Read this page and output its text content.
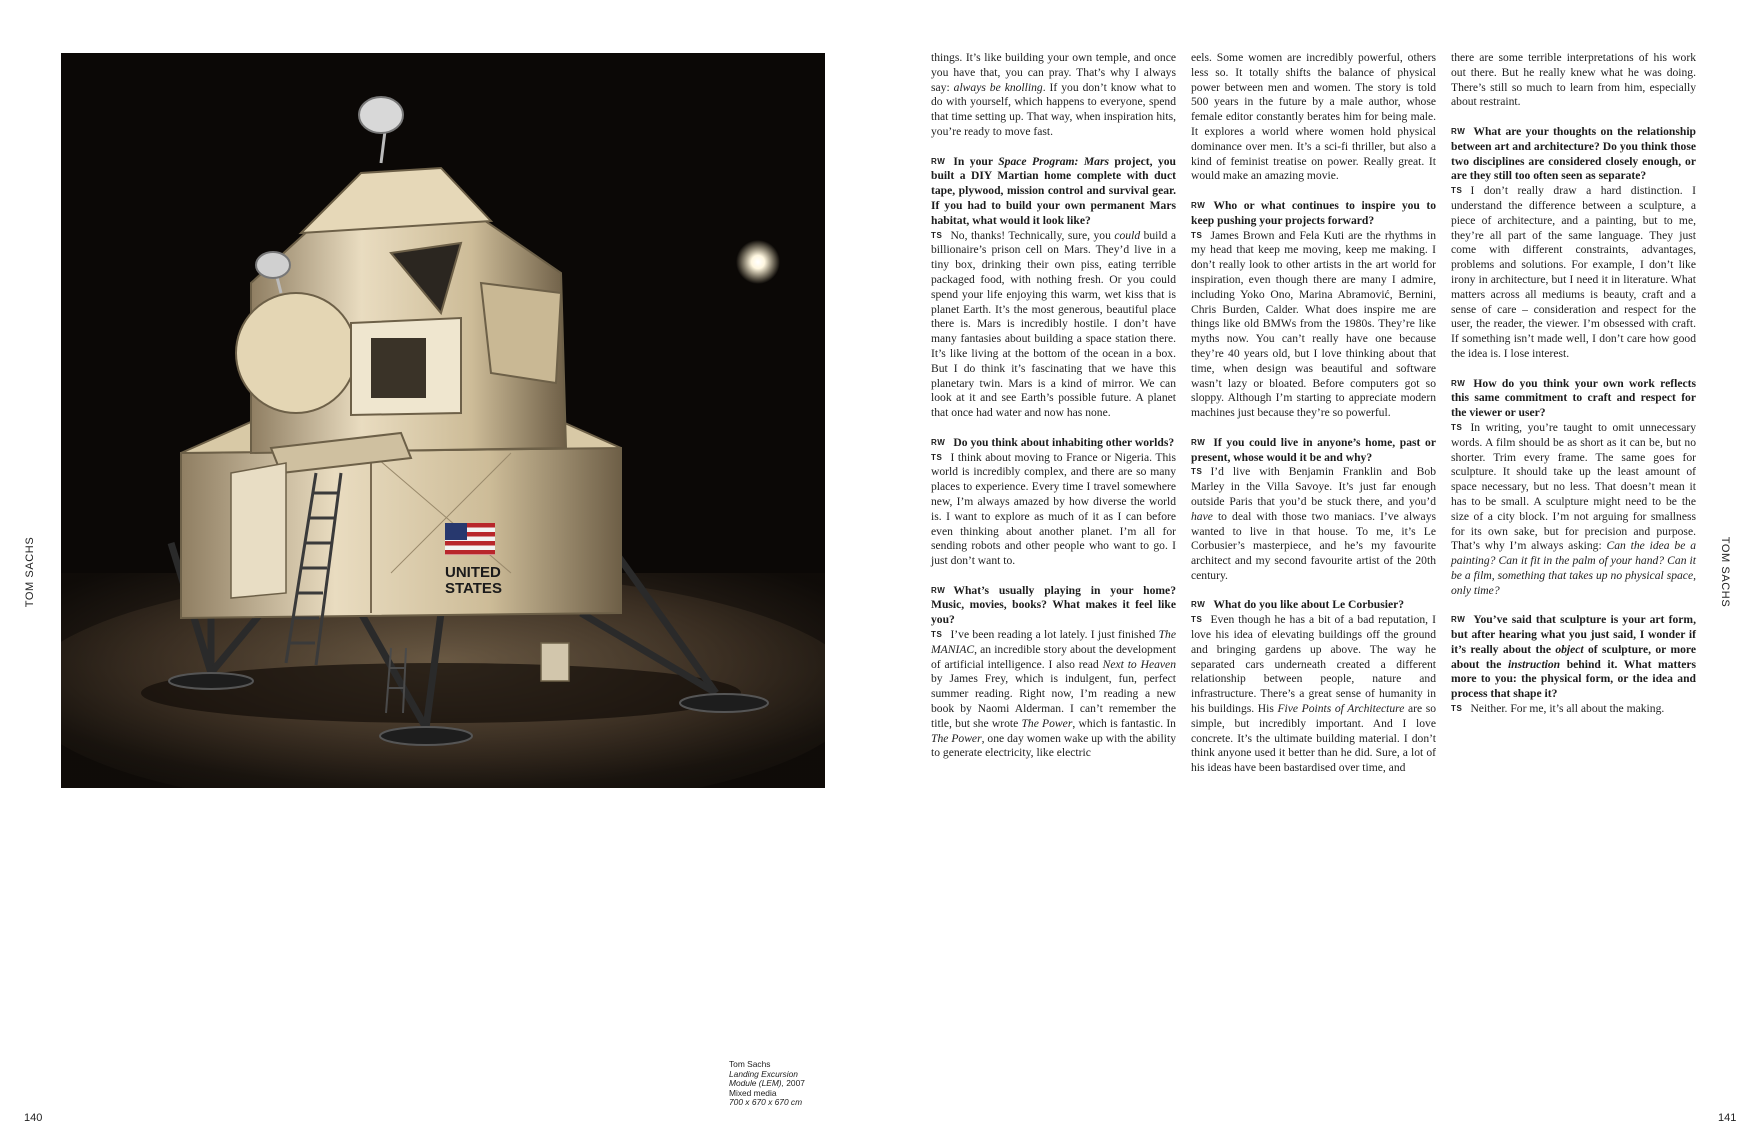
UNITED
STATES
TOM SACHS	TOM SACHS
140	141
Tom Sachs
Landing Excursion
Module (LEM), 2007
Mixed media
700 x 670 x 670 cm

things. It’s like building your own temple, and once you have that, you can pray. That’s why I always say: always be knolling. If you don’t know what to do with yourself, which happens to everyone, spend that time setting up. That way, when inspiration hits, you’re ready to move fast.

RW In your Space Program: Mars project, you built a DIY Martian home complete with duct tape, plywood, mission control and survival gear. If you had to build your own permanent Mars habitat, what would it look like?

TS No, thanks! Technically, sure, you could build a billionaire’s prison cell on Mars. They’d live in a tiny box, drinking their own piss, eating terrible packaged food, with nothing fresh. Or you could spend your life enjoying this warm, wet kiss that is planet Earth. It’s the most generous, beautiful place there is. Mars is incredibly hostile. I don’t have many fantasies about building a space station there. It’s like living at the bottom of the ocean in a box. But I do think it’s fascinating that we have this planetary twin. Mars is a kind of mirror. We can look at it and see Earth’s possible future. A planet that once had water and now has none.

RW Do you think about inhabiting other worlds?

TS I think about moving to France or Nigeria. This world is incredibly complex, and there are so many places to experience. Every time I travel somewhere new, I’m always amazed by how diverse the world is. I want to explore as much of it as I can before even thinking about another planet. I’m all for sending robots and other people who want to go. I just don’t want to.

RW What’s usually playing in your home? Music, movies, books? What makes it feel like you?

TS I’ve been reading a lot lately. I just finished The MANIAC, an incredible story about the development of artificial intelligence. I also read Next to Heaven by James Frey, which is indulgent, fun, perfect summer reading. Right now, I’m reading a new book by Naomi Alderman. I can’t remember the title, but she wrote The Power, which is fantastic. In The Power, one day women wake up with the ability to generate electricity, like electric

eels. Some women are incredibly powerful, others less so. It totally shifts the balance of physical power between men and women. The story is told 500 years in the future by a male author, whose female editor constantly berates him for being male. It explores a world where women hold physical dominance over men. It’s a sci-fi thriller, but also a kind of feminist treatise on power. Really great. It would make an amazing movie.

RW Who or what continues to inspire you to keep pushing your projects forward?

TS James Brown and Fela Kuti are the rhythms in my head that keep me moving, keep me making. I don’t really look to other artists in the art world for inspiration, even though there are many I admire, including Yoko Ono, Marina Abramović, Bernini, Chris Burden, Calder. What does inspire me are things like old BMWs from the 1980s. They’re like myths now. You can’t really have one because they’re 40 years old, but I love thinking about that time, when design was beautiful and software wasn’t lazy or bloated. Before computers got so sloppy. Although I’m starting to appreciate modern machines just because they’re so powerful.

RW If you could live in anyone’s home, past or present, whose would it be and why?

TS I’d live with Benjamin Franklin and Bob Marley in the Villa Savoye. It’s just far enough outside Paris that you’d be stuck there, and you’d have to deal with those two maniacs. I’ve always wanted to live in that house. To me, it’s Le Corbusier’s masterpiece, and he’s my favourite architect and my second favourite artist of the 20th century.

RW What do you like about Le Corbusier?

TS Even though he has a bit of a bad reputation, I love his idea of elevating buildings off the ground and bringing gardens up above. The way he separated cars underneath created a different relationship between people, nature and infrastructure. There’s a great sense of humanity in his buildings. His Five Points of Architecture are so simple, but incredibly important. And I love concrete. It’s the ultimate building material. I don’t think anyone used it better than he did. Sure, a lot of his ideas have been bastardised over time, and

there are some terrible interpretations of his work out there. But he really knew what he was doing. There’s still so much to learn from him, especially about restraint.

RW What are your thoughts on the relationship between art and architecture? Do you think those two disciplines are considered closely enough, or are they still too often seen as separate?

TS I don’t really draw a hard distinction. I understand the difference between a sculpture, a piece of architecture, and a painting, but to me, they’re all part of the same language. They just come with different constraints, advantages, problems and solutions. For example, I don’t like irony in architecture, but I need it in literature. What matters across all mediums is beauty, craft and a sense of care – consideration and respect for the user, the reader, the viewer. I’m obsessed with craft. If something isn’t made well, I don’t care how good the idea is. I lose interest.

RW How do you think your own work reflects this same commitment to craft and respect for the viewer or user?

TS In writing, you’re taught to omit unnecessary words. A film should be as short as it can be, but no shorter. Trim every frame. The same goes for sculpture. It should take up the least amount of space necessary, but no less. That doesn’t mean it has to be small. A sculpture might need to be the size of a city block. I’m not arguing for smallness for its own sake, but for precision and purpose. That’s why I’m always asking: Can the idea be a painting? Can it fit in the palm of your hand? Can it be a film, something that takes up no physical space, only time?

RW You’ve said that sculpture is your art form, but after hearing what you just said, I wonder if it’s really about the object of sculpture, or more about the instruction behind it. What matters more to you: the physical form, or the idea and process that shape it?

TS Neither. For me, it’s all about the making.
